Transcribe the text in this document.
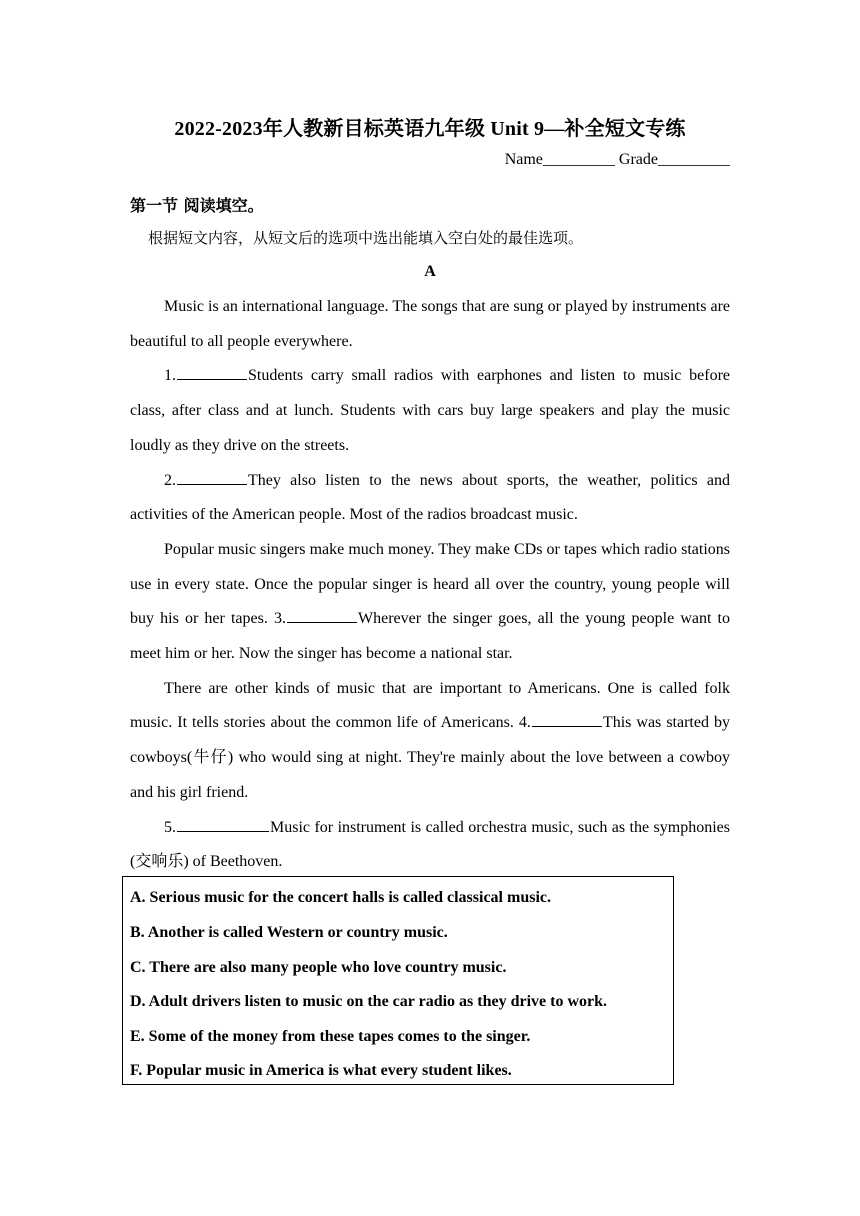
2022-2023年人教新目标英语九年级 Unit 9—补全短文专练
Name_________ Grade_________
第一节 阅读填空。
根据短文内容，从短文后的选项中选出能填入空白处的最佳选项。
A

Music is an international language. The songs that are sung or played by instruments are beautiful to all people everywhere.

1.	Students carry small radios with earphones and listen to music before class, after class and at lunch. Students with cars buy large speakers and play the music loudly as they drive on the streets.

2.	They also listen to the news about sports, the weather, politics and activities of the American people. Most of the radios broadcast music.

Popular music singers make much money. They make CDs or tapes which radio stations use in every state. Once the popular singer is heard all over the country, young people will buy his or her tapes. 3.	Wherever the singer goes, all the young people want to meet him or her. Now the singer has become a national star.

There are other kinds of music that are important to Americans. One is called folk music. It tells stories about the common life of Americans. 4.	This was started by cowboys(牛仔) who would sing at night. They're mainly about the love between a cowboy and his girl friend.

5.	Music for instrument is called orchestra music, such as the symphonies (交响乐) of Beethoven.

A. Serious music for the concert halls is called classical music.
B. Another is called Western or country music.
C. There are also many people who love country music.
D. Adult drivers listen to music on the car radio as they drive to work.
E. Some of the money from these tapes comes to the singer.
F. Popular music in America is what every student likes.
